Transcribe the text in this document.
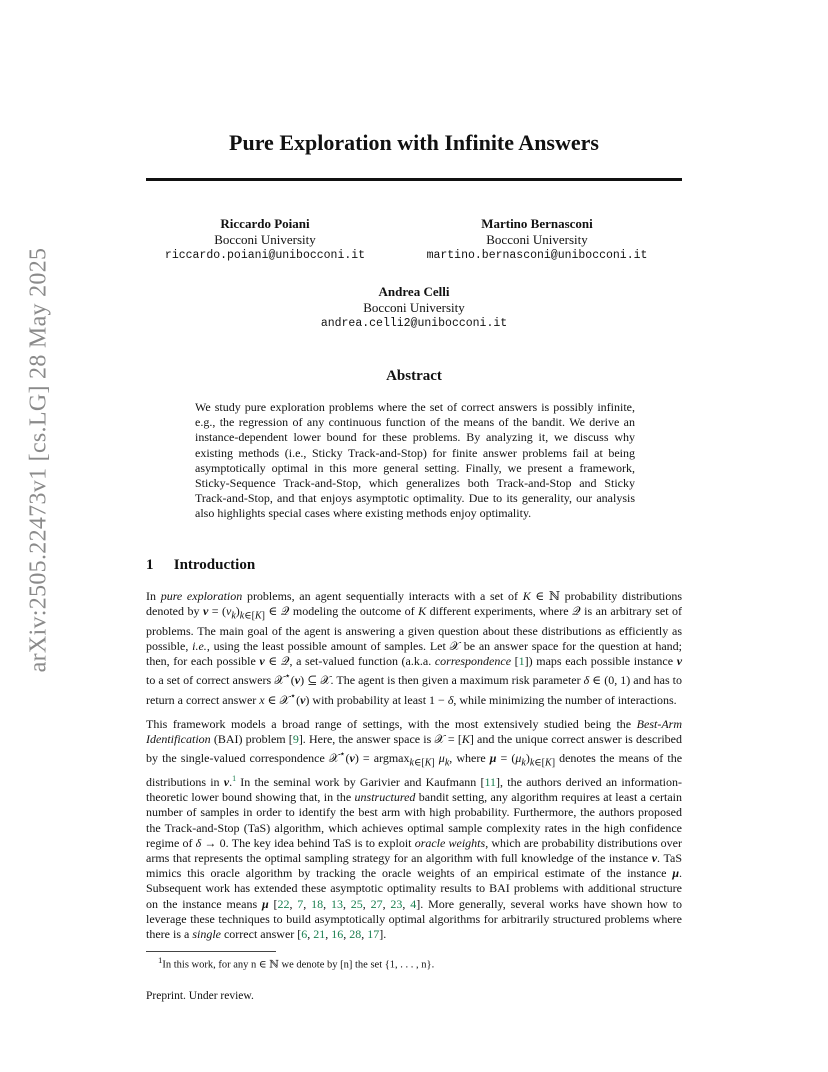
arXiv:2505.22473v1 [cs.LG] 28 May 2025
Pure Exploration with Infinite Answers
Riccardo Poiani
Bocconi University
riccardo.poiani@unibocconi.it
Martino Bernasconi
Bocconi University
martino.bernasconi@unibocconi.it
Andrea Celli
Bocconi University
andrea.celli2@unibocconi.it
Abstract
We study pure exploration problems where the set of correct answers is possibly infinite, e.g., the regression of any continuous function of the means of the bandit. We derive an instance-dependent lower bound for these problems. By analyzing it, we discuss why existing methods (i.e., Sticky Track-and-Stop) for finite answer problems fail at being asymptotically optimal in this more general setting. Finally, we present a framework, Sticky-Sequence Track-and-Stop, which generalizes both Track-and-Stop and Sticky Track-and-Stop, and that enjoys asymptotic optimality. Due to its generality, our analysis also highlights special cases where existing methods enjoy optimality.
1 Introduction
In pure exploration problems, an agent sequentially interacts with a set of K ∈ ℕ probability distributions denoted by $\nu = (\nu_k)_{k\in[K]}$ ∈ 𝒬 modeling the outcome of K different experiments, where 𝒬 is an arbitrary set of problems. The main goal of the agent is answering a given question about these distributions as efficiently as possible, i.e., using the least possible amount of samples. Let 𝒳 be an answer space for the question at hand; then, for each possible ν ∈ 𝒬, a set-valued function (a.k.a. correspondence [1]) maps each possible instance ν to a set of correct answers 𝒳⋆(ν) ⊆ 𝒳. The agent is then given a maximum risk parameter δ ∈ (0, 1) and has to return a correct answer x ∈ 𝒳⋆(ν) with probability at least 1 − δ, while minimizing the number of interactions.
This framework models a broad range of settings, with the most extensively studied being the Best-Arm Identification (BAI) problem [9]. Here, the answer space is 𝒳 = [K] and the unique correct answer is described by the single-valued correspondence 𝒳⋆(ν) = argmax$_{k\in[K]}$ $\mu_k$, where $\mu = (\mu_k)_{k\in[K]}$ denotes the means of the distributions in ν.$^1$ In the seminal work by Garivier and Kaufmann [11], the authors derived an information-theoretic lower bound showing that, in the unstructured bandit setting, any algorithm requires at least a certain number of samples in order to identify the best arm with high probability. Furthermore, the authors proposed the Track-and-Stop (TaS) algorithm, which achieves optimal sample complexity rates in the high confidence regime of δ → 0. The key idea behind TaS is to exploit oracle weights, which are probability distributions over arms that represents the optimal sampling strategy for an algorithm with full knowledge of the instance ν. TaS mimics this oracle algorithm by tracking the oracle weights of an empirical estimate of the instance μ. Subsequent work has extended these asymptotic optimality results to BAI problems with additional structure on the instance means μ [22, 7, 18, 13, 25, 27, 23, 4]. More generally, several works have shown how to leverage these techniques to build asymptotically optimal algorithms for arbitrarily structured problems where there is a single correct answer [6, 21, 16, 28, 17].
$^1$In this work, for any n ∈ ℕ we denote by [n] the set {1, . . . , n}.
Preprint. Under review.
